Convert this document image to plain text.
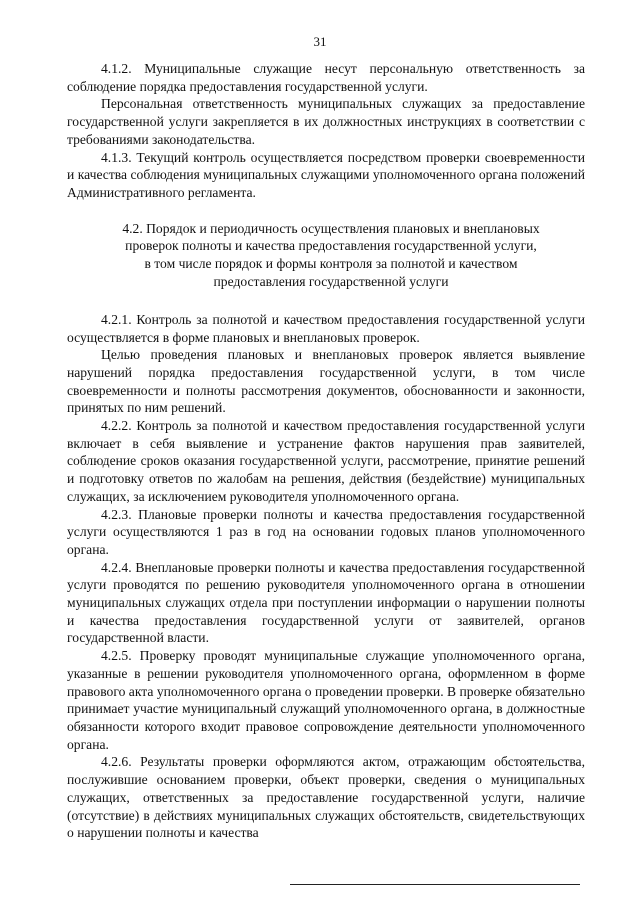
31

4.1.2. Муниципальные служащие несут персональную ответственность за соблюдение порядка предоставления государственной услуги.

Персональная ответственность муниципальных служащих за предоставление государственной услуги закрепляется в их должностных инструкциях в соответствии с требованиями законодательства.

4.1.3. Текущий контроль осуществляется посредством проверки своевременности и качества соблюдения муниципальных служащими уполномоченного органа положений Административного регламента.

4.2. Порядок и периодичность осуществления плановых и внеплановых
проверок полноты и качества предоставления государственной услуги,
в том числе порядок и формы контроля за полнотой и качеством
предоставления государственной услуги

4.2.1. Контроль за полнотой и качеством предоставления государственной услуги осуществляется в форме плановых и внеплановых проверок.

Целью проведения плановых и внеплановых проверок является выявление нарушений порядка предоставления государственной услуги, в том числе своевременности и полноты рассмотрения документов, обоснованности и законности, принятых по ним решений.

4.2.2. Контроль за полнотой и качеством предоставления государственной услуги включает в себя выявление и устранение фактов нарушения прав заявителей, соблюдение сроков оказания государственной услуги, рассмотрение, принятие решений и подготовку ответов по жалобам на решения, действия (бездействие) муниципальных служащих, за исключением руководителя уполномоченного органа.

4.2.3. Плановые проверки полноты и качества предоставления государственной услуги осуществляются 1 раз в год на основании годовых планов уполномоченного органа.

4.2.4. Внеплановые проверки полноты и качества предоставления государственной услуги проводятся по решению руководителя уполномоченного органа в отношении муниципальных служащих отдела при поступлении информации о нарушении полноты и качества предоставления государственной услуги от заявителей, органов государственной власти.

4.2.5. Проверку проводят муниципальные служащие уполномоченного органа, указанные в решении руководителя уполномоченного органа, оформленном в форме правового акта уполномоченного органа о проведении проверки. В проверке обязательно принимает участие муниципальный служащий уполномоченного органа, в должностные обязанности которого входит правовое сопровождение деятельности уполномоченного органа.

4.2.6. Результаты проверки оформляются актом, отражающим обстоятельства, послужившие основанием проверки, объект проверки, сведения о муниципальных служащих, ответственных за предоставление государственной услуги, наличие (отсутствие) в действиях муниципальных служащих обстоятельств, свидетельствующих о нарушении полноты и качества
